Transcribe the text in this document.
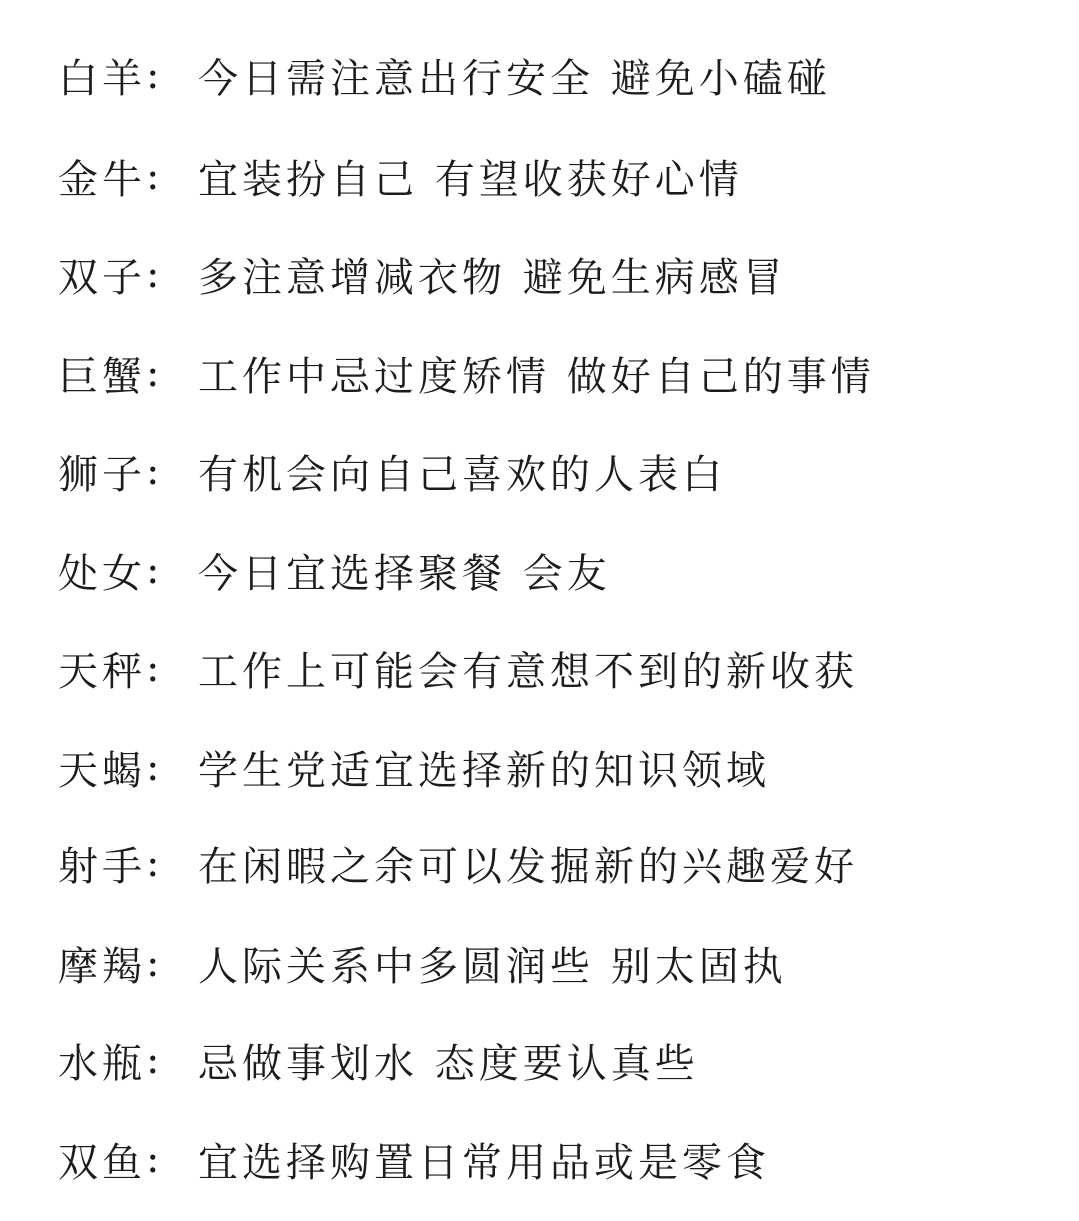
白羊 : 今日需注意出行安全 避免小磕碰
金牛 : 宜装扮自己 有望收获好心情
双子 : 多注意增减衣物 避免生病感冒
巨蟹 : 工作中忌过度矫情 做好自己的事情
狮子 : 有机会向自己喜欢的人表白
处女 : 今日宜选择聚餐 会友
天秤 : 工作上可能会有意想不到的新收获
天蝎 : 学生党适宜选择新的知识领域
射手 : 在闲暇之余可以发掘新的兴趣爱好
摩羯 : 人际关系中多圆润些 别太固执
水瓶 : 忌做事划水 态度要认真些
双鱼 : 宜选择购置日常用品或是零食
